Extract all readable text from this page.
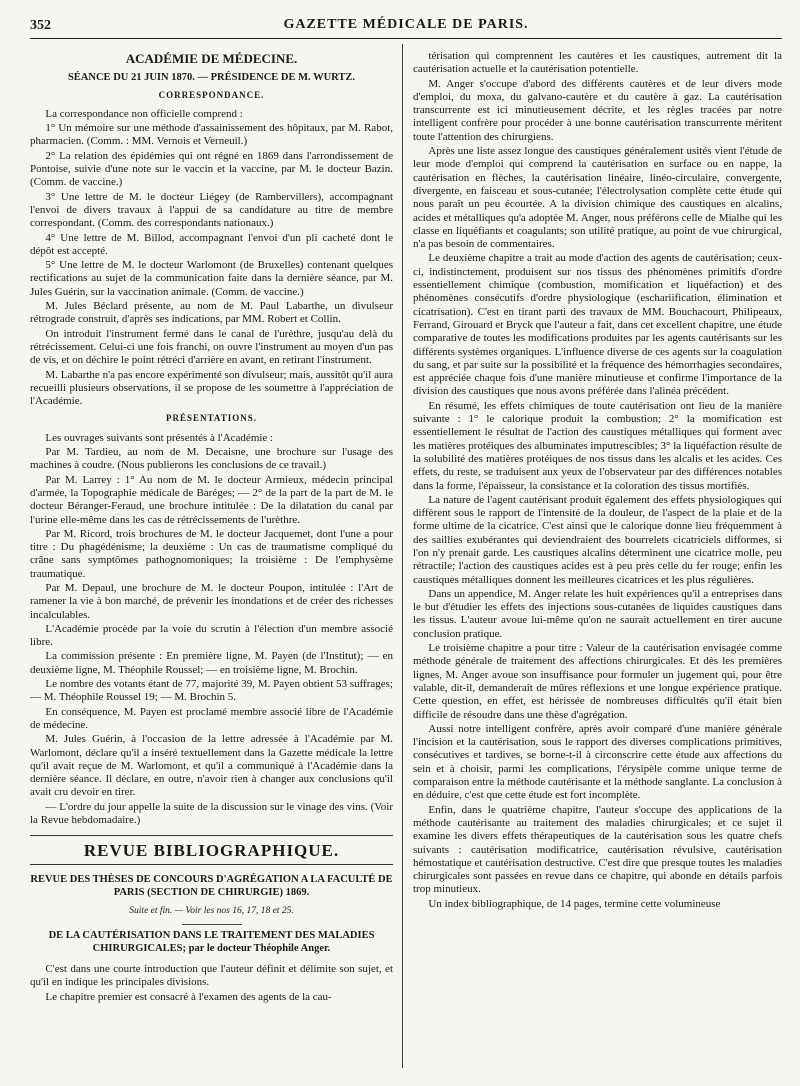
352	GAZETTE MÉDICALE DE PARIS.
ACADÉMIE DE MÉDECINE.
SÉANCE DU 21 JUIN 1870. — PRÉSIDENCE DE M. WURTZ.
CORRESPONDANCE.

La correspondance non officielle comprend :

1° Un mémoire sur une méthode d'assainissement des hôpitaux, par M. Rabot, pharmacien. (Comm. : MM. Vernois et Verneuil.)

2° La relation des épidémies qui ont régné en 1869 dans l'arrondissement de Pontoise, suivie d'une note sur le vaccin et la vaccine, par M. le docteur Bazin. (Comm. de vaccine.)

3° Une lettre de M. le docteur Liégey (de Rambervillers), accompagnant l'envoi de divers travaux à l'appui de sa candidature au titre de membre correspondant. (Comm. des correspondants nationaux.)

4° Une lettre de M. Billod, accompagnant l'envoi d'un pli cacheté dont le dépôt est accepté.

5° Une lettre de M. le docteur Warlomont (de Bruxelles) contenant quelques rectifications au sujet de la communication faite dans la dernière séance, par M. Jules Guérin, sur la vaccination animale. (Comm. de vaccine.)

M. Jules Béclard présente, au nom de M. Paul Labarthe, un divulseur rétrograde construit, d'après ses indications, par MM. Robert et Collin.

On introduit l'instrument fermé dans le canal de l'urèthre, jusqu'au delà du rétrécissement. Celui-ci une fois franchi, on ouvre l'instrument au moyen d'un pas de vis, et on déchire le point rétréci d'arrière en avant, en retirant l'instrument.

M. Labarthe n'a pas encore expérimenté son divulseur; mais, aussitôt qu'il aura recueilli plusieurs observations, il se propose de les soumettre à l'appréciation de l'Académie.

PRÉSENTATIONS.

Les ouvrages suivants sont présentés à l'Académie :

Par M. Tardieu, au nom de M. Decaisne, une brochure sur l'usage des machines à coudre. (Nous publierons les conclusions de ce travail.)

Par M. Larrey : 1° Au nom de M. le docteur Armieux, médecin principal d'armée, la Topographie médicale de Baréges; — 2° de la part de la part de M. le docteur Béranger-Feraud, une brochure intitulée : De la dilatation du canal par l'urine elle-même dans les cas de rétrécissements de l'urèthre.

Par M. Ricord, trois brochures de M. le docteur Jacquemet, dont l'une a pour titre : Du phagédénisme; la deuxième : Un cas de traumatisme compliqué du crâne sans symptômes pathognomoniques; la troisième : De l'emphysème traumatique.

Par M. Depaul, une brochure de M. le docteur Poupon, intitulée : l'Art de ramener la vie à bon marché, de prévenir les inondations et de créer des richesses incalculables.

L'Académie procède par la voie du scrutin à l'élection d'un membre associé libre.

La commission présente : En première ligne, M. Payen (de l'Institut); — en deuxième ligne, M. Théophile Roussel; — en troisième ligne, M. Brochin.

Le nombre des votants étant de 77, majorité 39, M. Payen obtient 53 suffrages; — M. Théophile Roussel 19; — M. Brochin 5.

En conséquence, M. Payen est proclamé membre associé libre de l'Académie de médecine.

M. Jules Guérin, à l'occasion de la lettre adressée à l'Académie par M. Warlomont, déclare qu'il a inséré textuellement dans la Gazette médicale la lettre qu'il avait reçue de M. Warlomont, et qu'il a communiqué à l'Académie dans la dernière séance. Il déclare, en outre, n'avoir rien à changer aux conclusions qu'il avait cru devoir en tirer.

— L'ordre du jour appelle la suite de la discussion sur le vinage des vins. (Voir la Revue hebdomadaire.)

REVUE BIBLIOGRAPHIQUE.
REVUE DES THÈSES DE CONCOURS D'AGRÉGATION A LA FACULTÉ DE PARIS (SECTION DE CHIRURGIE) 1869.
Suite et fin. — Voir les nos 16, 17, 18 et 25.
DE LA CAUTÉRISATION DANS LE TRAITEMENT DES MALADIES CHIRURGICALES; par le docteur Théophile Anger.

C'est dans une courte introduction que l'auteur définit et délimite son sujet, et qu'il en indique les principales divisions.

Le chapitre premier est consacré à l'examen des agents de la cau-

térisation qui comprennent les cautères et les caustiques, autrement dit la cautérisation actuelle et la cautérisation potentielle.

M. Anger s'occupe d'abord des différents cautères et de leur divers mode d'emploi, du moxa, du galvano-cautère et du cautère à gaz. La cautérisation transcurrente est ici minutieusement décrite, et les règles tracées par notre intelligent confrère pour procéder à une bonne cautérisation transcurrente méritent toute l'attention des chirurgiens.

Après une liste assez longue des caustiques généralement usités vient l'étude de leur mode d'emploi qui comprend la cautérisation en surface ou en nappe, la cautérisation en flèches, la cautérisation linéaire, linéo-circulaire, convergente, divergente, en faisceau et sous-cutanée; l'électrolysation complète cette étude qui nous paraît un peu écourtée. A la division chimique des caustiques en alcalins, acides et métalliques qu'a adoptée M. Anger, nous préférons celle de Mialhe qui les classe en liquéfiants et coagulants; son utilité pratique, au point de vue chirurgical, n'a pas besoin de commentaires.

Le deuxième chapitre a trait au mode d'action des agents de cautérisation; ceux-ci, indistinctement, produisent sur nos tissus des phénomènes primitifs d'ordre essentiellement chimique (combustion, momification et liquéfaction) et des phénomènes consécutifs d'ordre physiologique (eschariification, élimination et cicatrisation). C'est en tirant parti des travaux de MM. Bouchacourt, Philipeaux, Ferrand, Girouard et Bryck que l'auteur a fait, dans cet excellent chapitre, une étude comparative de toutes les modifications produites par les agents cautérisants sur les différents systèmes organiques. L'influence diverse de ces agents sur la coagulation du sang, et par suite sur la possibilité et la fréquence des hémorrhagies secondaires, est appréciée chaque fois d'une manière minutieuse et confirme l'importance de la division des caustiques que nous avons préférée dans l'alinéa précédent.

En résumé, les effets chimiques de toute cautérisation ont lieu de la manière suivante : 1° le calorique produit la combustion; 2° la momification est essentiellement le résultat de l'action des caustiques métalliques qui forment avec les matières protéiques des albuminates imputrescibles; 3° la liquéfaction résulte de la solubilité des matières protéiques de nos tissus dans les alcalis et les acides. Ces effets, du reste, se traduisent aux yeux de l'observateur par des différences notables dans la forme, l'épaisseur, la consistance et la coloration des tissus mortifiés.

La nature de l'agent cautérisant produit également des effets physiologiques qui diffèrent sous le rapport de l'intensité de la douleur, de l'aspect de la plaie et de la forme ultime de la cicatrice. C'est ainsi que le calorique donne lieu fréquemment à des saillies exubérantes qui deviendraient des bourrelets cicatriciels difformes, si l'on n'y prenait garde. Les caustiques alcalins déterminent une cicatrice molle, peu rétractile; l'action des caustiques acides est à peu près celle du fer rouge; enfin les caustiques métalliques donnent les meilleures cicatrices et les plus régulières.

Dans un appendice, M. Anger relate les huit expériences qu'il a entreprises dans le but d'étudier les effets des injections sous-cutanées de liquides caustiques dans les tissus. L'auteur avoue lui-même qu'on ne saurait actuellement en tirer aucune conclusion pratique.

Le troisième chapitre a pour titre : Valeur de la cautérisation envisagée comme méthode générale de traitement des affections chirurgicales. Et dès les premières lignes, M. Anger avoue son insuffisance pour formuler un jugement qui, pour être valable, dit-il, demanderait de mûres réflexions et une longue expérience pratique. Cette question, en effet, est hérissée de nombreuses difficultés qu'il était bien difficile de résoudre dans une thèse d'agrégation.

Aussi notre intelligent confrère, après avoir comparé d'une manière générale l'incision et la cautérisation, sous le rapport des diverses complications primitives, consécutives et tardives, se borne-t-il à circonscrire cette étude aux affections du sein et à choisir, parmi les complications, l'érysipèle comme unique terme de comparaison entre la méthode cautérisante et la méthode sanglante. La conclusion à en déduire, c'est que cette étude est fort incomplète.

Enfin, dans le quatrième chapitre, l'auteur s'occupe des applications de la méthode cautérisante au traitement des maladies chirurgicales; et ce sujet il examine les divers effets thérapeutiques de la cautérisation sous les quatre chefs suivants : cautérisation modificatrice, cautérisation révulsive, cautérisation hémostatique et cautérisation destructive. C'est dire que presque toutes les maladies chirurgicales sont passées en revue dans ce chapitre, qui abonde en détails parfois trop minutieux.

Un index bibliographique, de 14 pages, termine cette volumineuse
